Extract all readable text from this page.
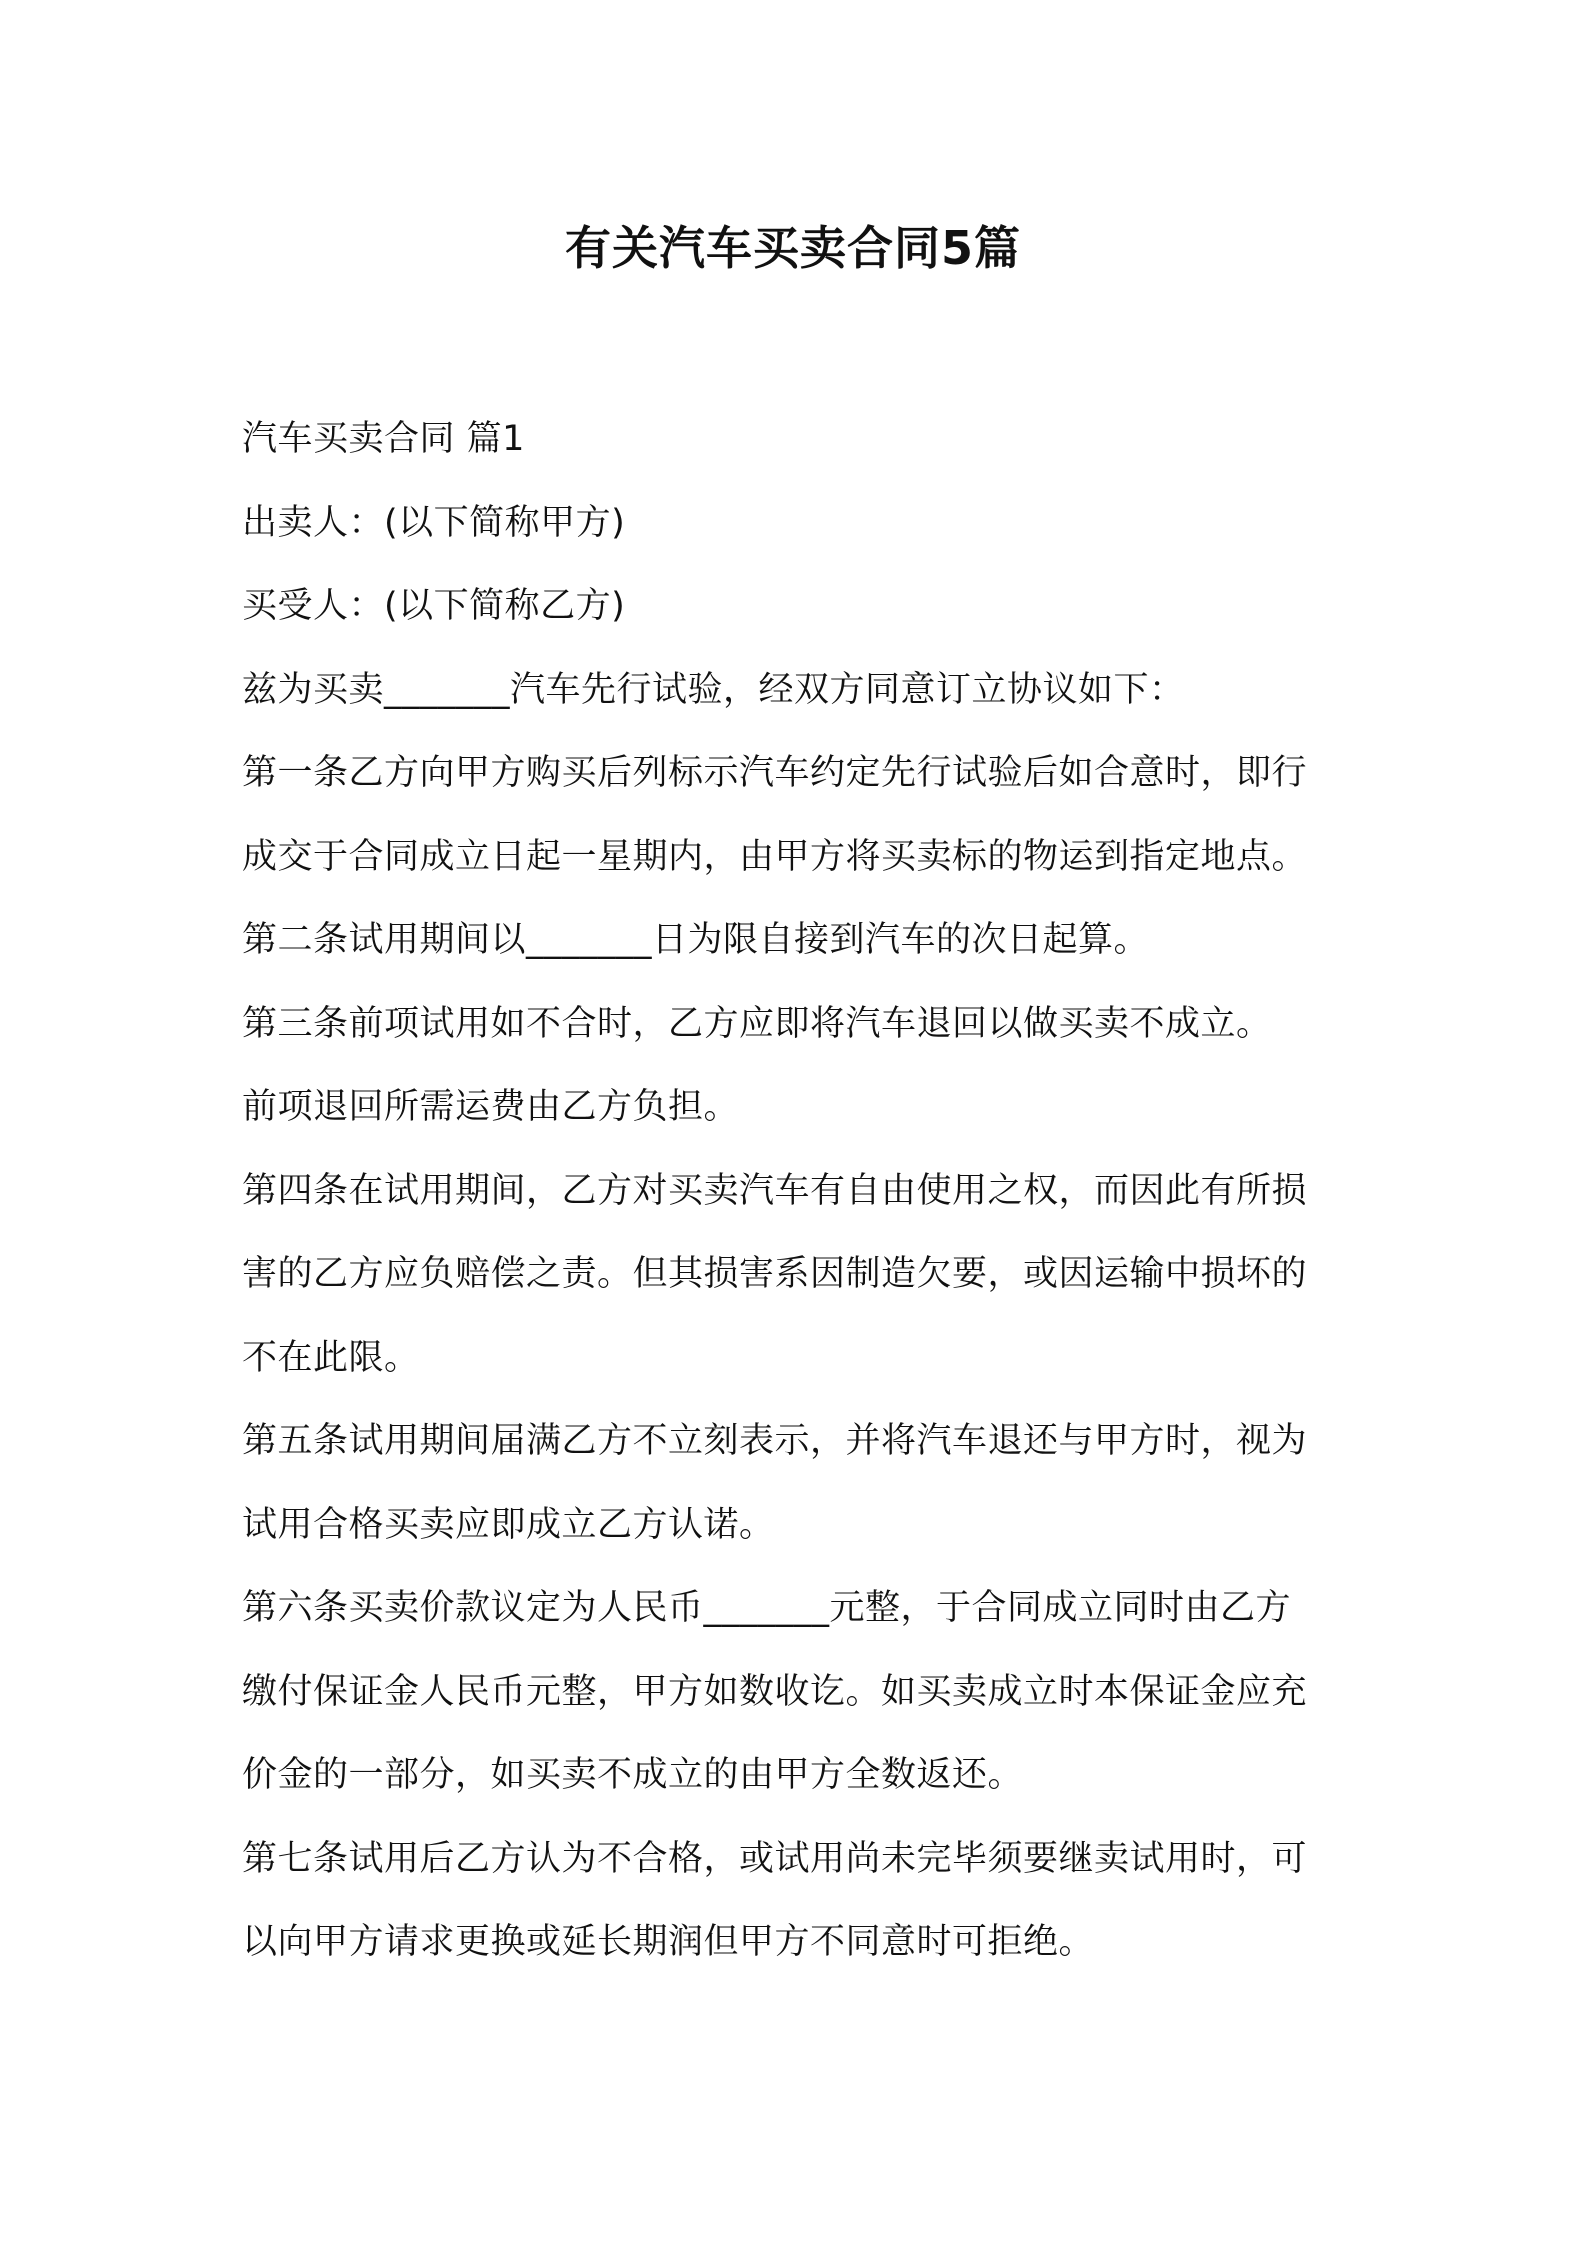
有关汽车买卖合同5篇

汽车买卖合同 篇1

出卖人：(以下简称甲方)

买受人：(以下简称乙方)

兹为买卖_______汽车先行试验，经双方同意订立协议如下：

第一条乙方向甲方购买后列标示汽车约定先行试验后如合意时，即行

成交于合同成立日起一星期内，由甲方将买卖标的物运到指定地点。

第二条试用期间以_______日为限自接到汽车的次日起算。

第三条前项试用如不合时，乙方应即将汽车退回以做买卖不成立。

前项退回所需运费由乙方负担。

第四条在试用期间，乙方对买卖汽车有自由使用之权，而因此有所损

害的乙方应负赔偿之责。但其损害系因制造欠要，或因运输中损坏的

不在此限。

第五条试用期间届满乙方不立刻表示，并将汽车退还与甲方时，视为

试用合格买卖应即成立乙方认诺。

第六条买卖价款议定为人民币_______元整，于合同成立同时由乙方

缴付保证金人民币元整，甲方如数收讫。如买卖成立时本保证金应充

价金的一部分，如买卖不成立的由甲方全数返还。

第七条试用后乙方认为不合格，或试用尚未完毕须要继卖试用时，可

以向甲方请求更换或延长期润但甲方不同意时可拒绝。
